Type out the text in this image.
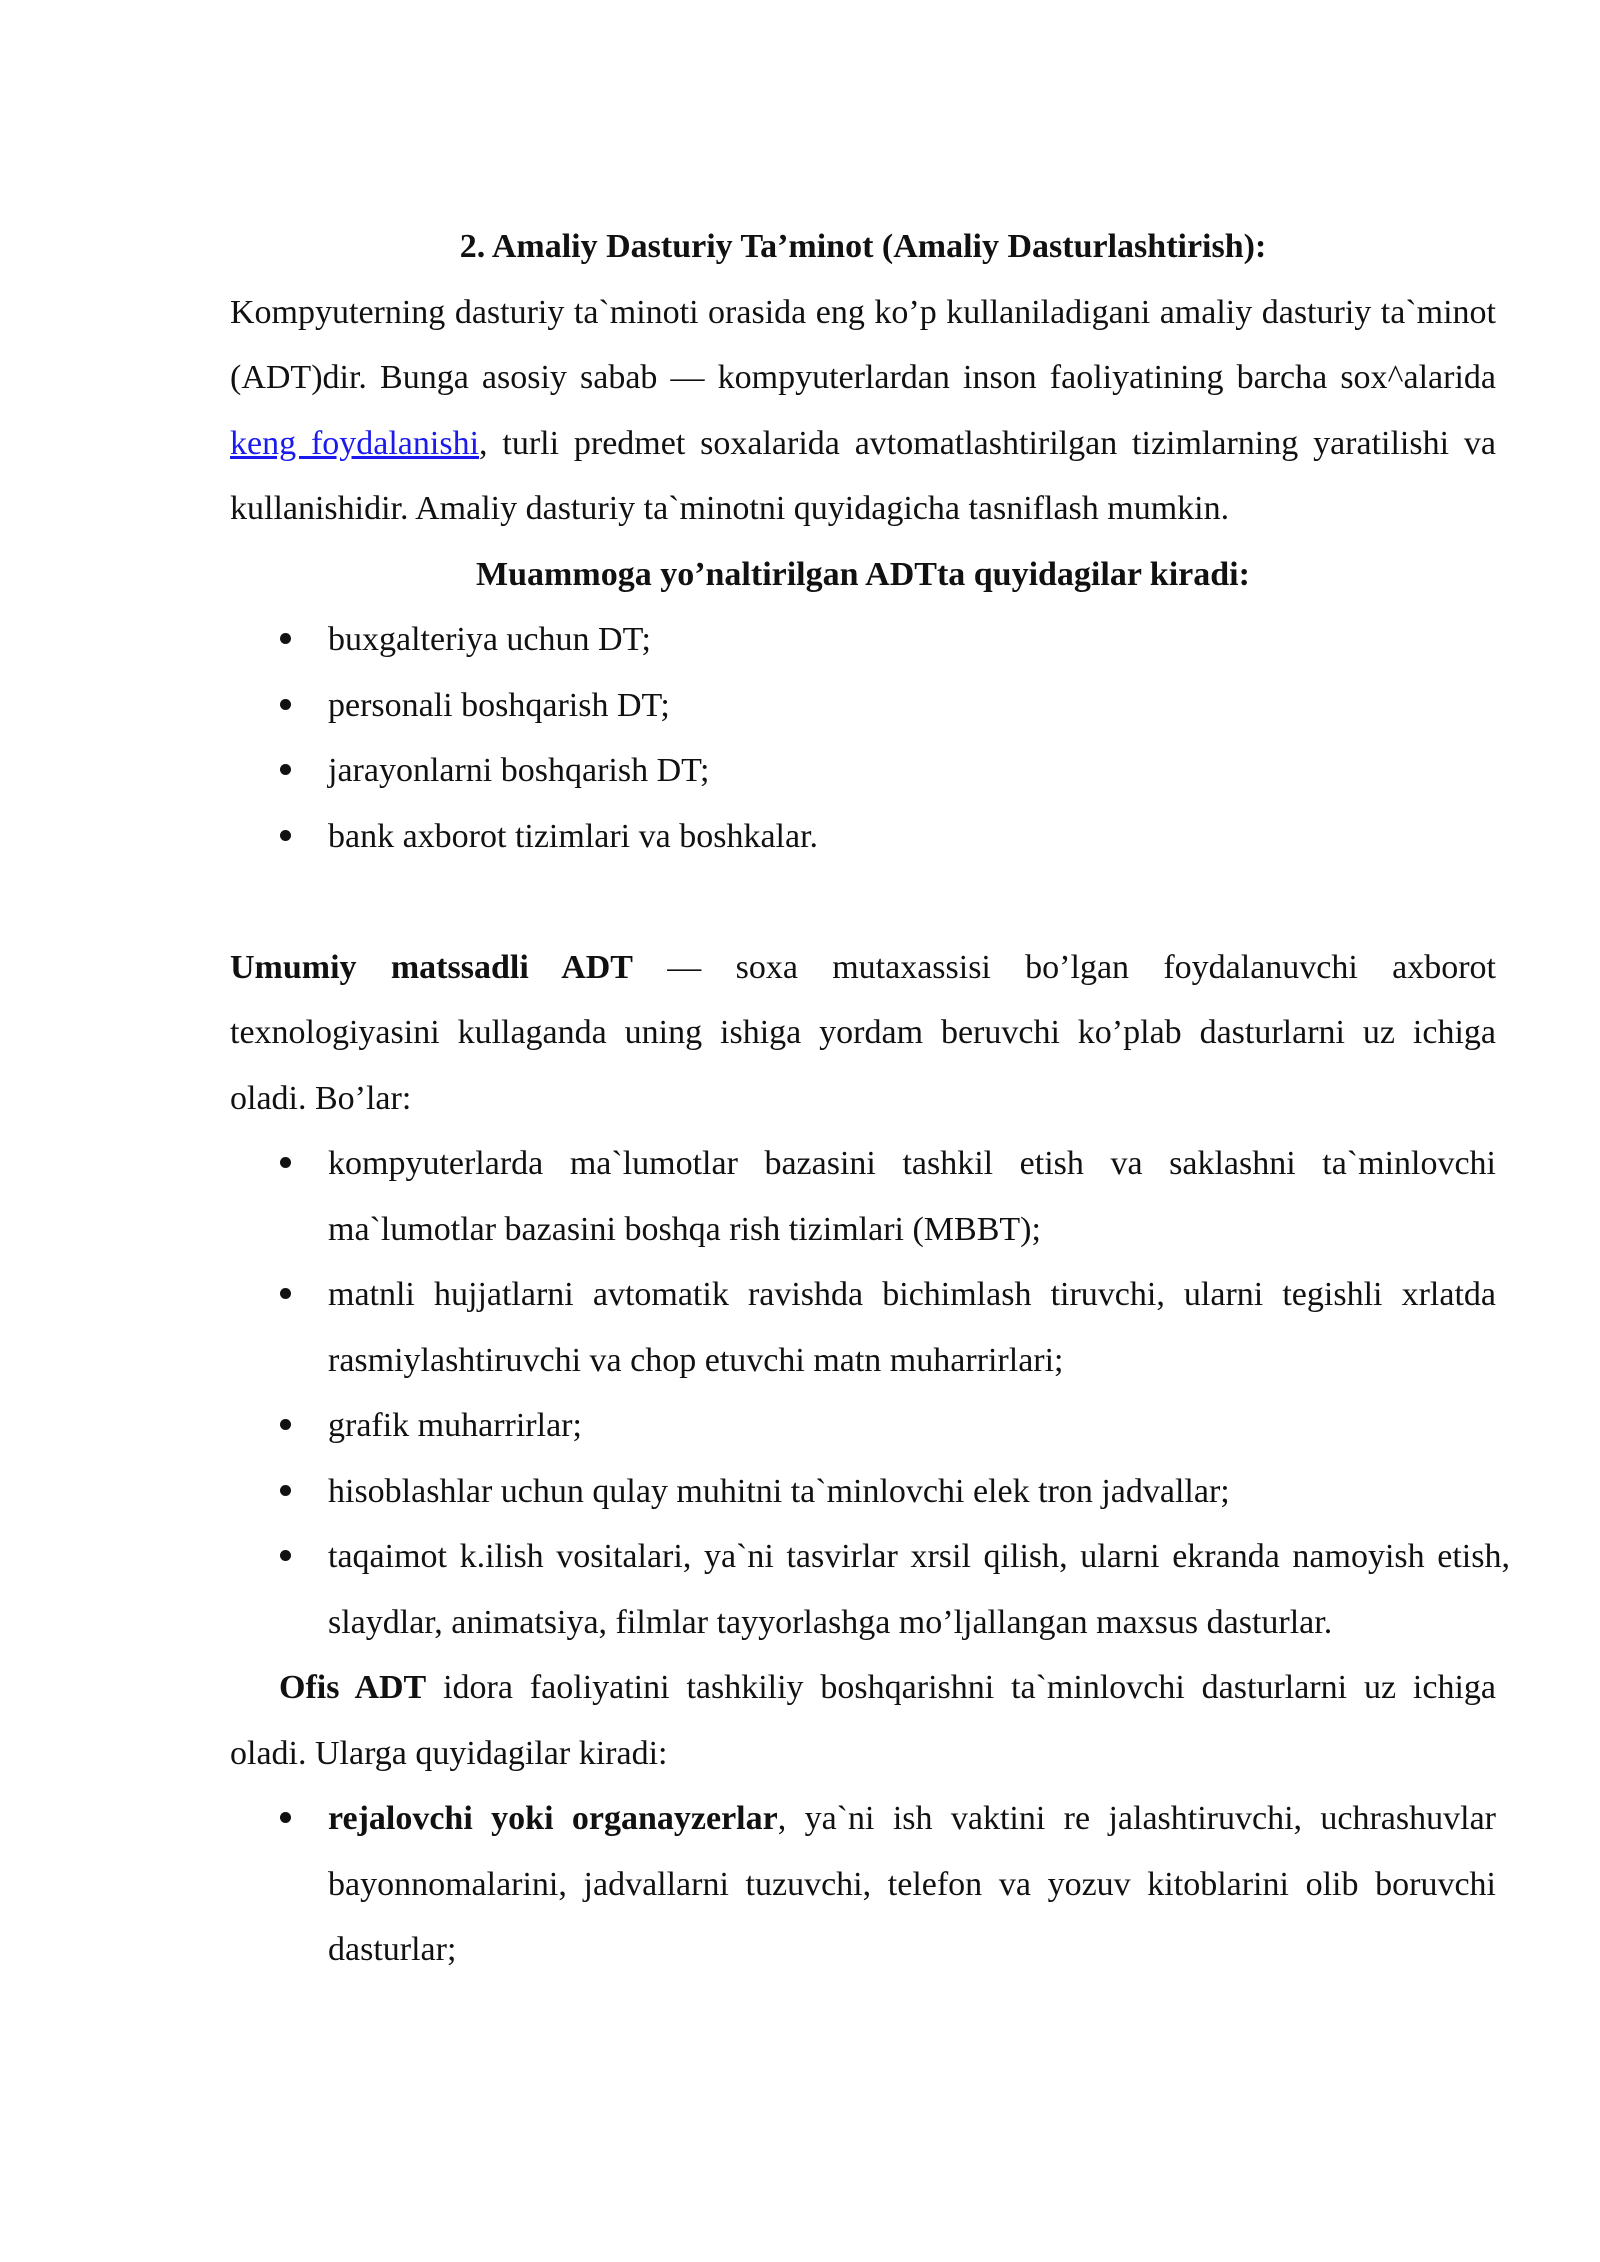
2. Amaliy Dasturiy Ta’minot (Amaliy Dasturlashtirish):

Kompyuterning dasturiy ta`minoti orasida eng ko’p kullaniladigani amaliy dasturiy ta`minot (ADT)dir. Bunga asosiy sabab — kompyuterlardan inson faoliyatining barcha sox^alarida keng foydalanishi, turli predmet soxalarida avtomatlashtirilgan tizimlarning yaratilishi va kullanishidir. Amaliy dasturiy ta`minotni quyidagicha tasniflash mumkin.

Muammoga yo’naltirilgan ADTta quyidagilar kiradi:

buxgalteriya uchun DT;
personali boshqarish DT;
jarayonlarni boshqarish DT;
bank axborot tizimlari va boshkalar.

Umumiy matssadli ADT — soxa mutaxassisi bo’lgan foydalanuvchi axborot texnologiyasini kullaganda uning ishiga yordam beruvchi ko’plab dasturlarni uz ichiga oladi. Bo’lar:

kompyuterlarda ma`lumotlar bazasini tashkil etish va saklashni ta`minlovchi ma`lumotlar bazasini boshqa rish tizimlari (MBBT);
matnli hujjatlarni avtomatik ravishda bichimlash tiruvchi, ularni tegishli xrlatda rasmiylashtiruvchi va chop etuvchi matn muharrirlari;
grafik muharrirlar;
hisoblashlar uchun qulay muhitni ta`minlovchi elek tron jadvallar;
taqaimot k.ilish vositalari, ya`ni tasvirlar xrsil qilish, ularni ekranda namoyish etish, slaydlar, animatsiya, filmlar tayyorlashga mo’ljallangan maxsus dasturlar.

Ofis ADT idora faoliyatini tashkiliy boshqarishni ta`minlovchi dasturlarni uz ichiga oladi. Ularga quyidagilar kiradi:

rejalovchi yoki organayzerlar, ya`ni ish vaktini re jalashtiruvchi, uchrashuvlar bayonnomalarini, jadvallarni tuzuvchi, telefon va yozuv kitoblarini olib boruvchi dasturlar;
